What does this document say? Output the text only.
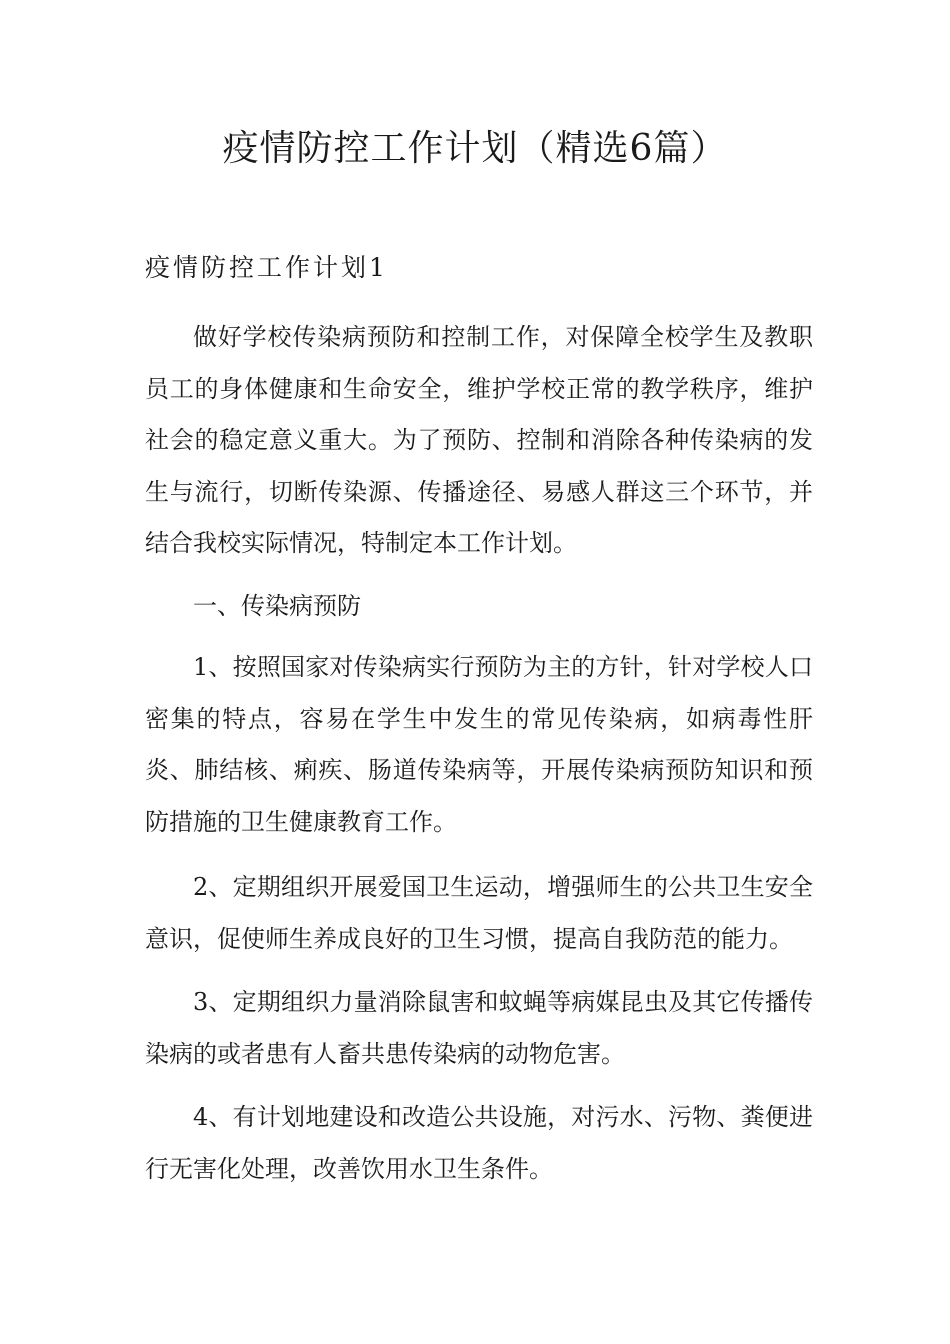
疫情防控工作计划（精选6篇）
疫情防控工作计划1

做好学校传染病预防和控制工作，对保障全校学生及教职员工的身体健康和生命安全，维护学校正常的教学秩序，维护社会的稳定意义重大。为了预防、控制和消除各种传染病的发生与流行，切断传染源、传播途径、易感人群这三个环节，并结合我校实际情况，特制定本工作计划。

一、传染病预防

1、按照国家对传染病实行预防为主的方针，针对学校人口密集的特点，容易在学生中发生的常见传染病，如病毒性肝炎、肺结核、痢疾、肠道传染病等，开展传染病预防知识和预防措施的卫生健康教育工作。

2、定期组织开展爱国卫生运动，增强师生的公共卫生安全意识，促使师生养成良好的卫生习惯，提高自我防范的能力。

3、定期组织力量消除鼠害和蚊蝇等病媒昆虫及其它传播传染病的或者患有人畜共患传染病的动物危害。

4、有计划地建设和改造公共设施，对污水、污物、粪便进行无害化处理，改善饮用水卫生条件。
